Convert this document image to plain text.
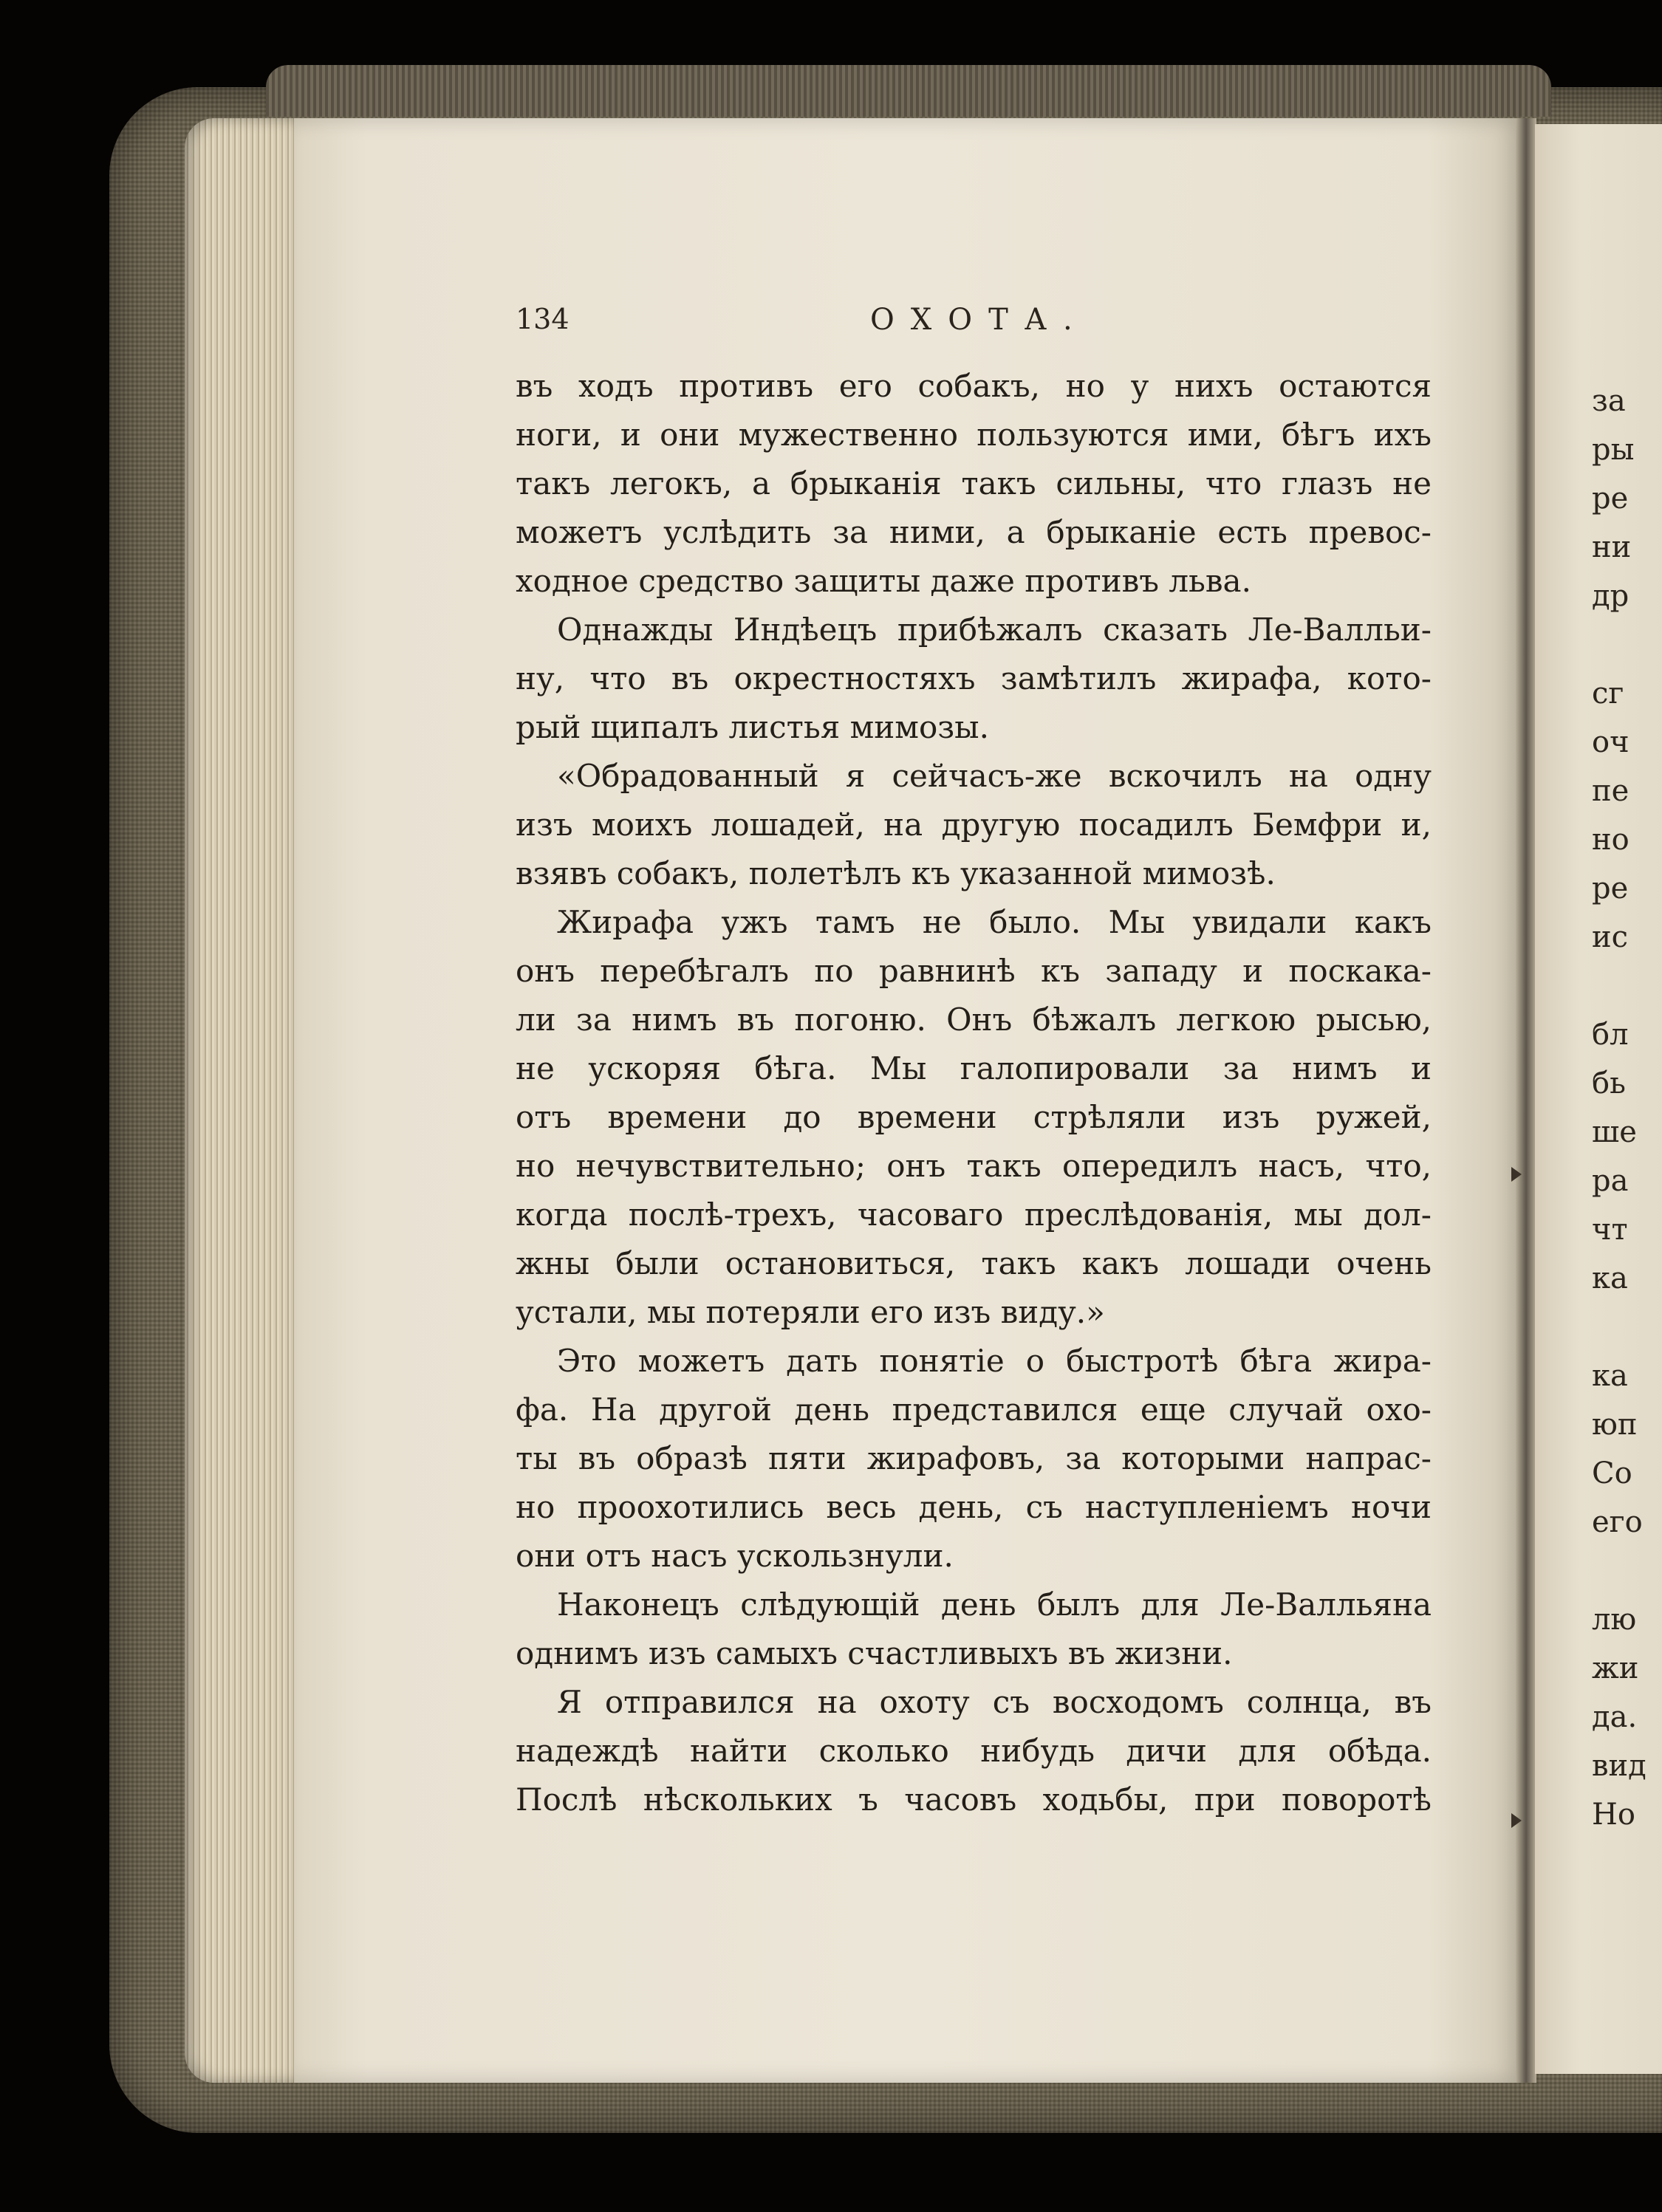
134	ОХОТА.
въ ходъ противъ его собакъ, но у нихъ остаются
ноги, и они мужественно пользуются ими, бѣгъ ихъ
такъ легокъ, а брыканія такъ сильны, что глазъ не
можетъ услѣдить за ними, а брыканіе есть превос-
ходное средство защиты даже противъ льва.
Однажды Индѣецъ прибѣжалъ сказать Ле-Валльи-
ну, что въ окрестностяхъ замѣтилъ жирафа, кото-
рый щипалъ листья мимозы.
«Обрадованный я сейчасъ-же вскочилъ на одну
изъ моихъ лошадей, на другую посадилъ Бемфри и,
взявъ собакъ, полетѣлъ къ указанной мимозѣ.
Жирафа ужъ тамъ не было. Мы увидали какъ
онъ перебѣгалъ по равнинѣ къ западу и поскака-
ли за нимъ въ погоню. Онъ бѣжалъ легкою рысью,
не ускоряя бѣга. Мы галопировали за нимъ и
отъ времени до времени стрѣляли изъ ружей,
но нечувствительно; онъ такъ опередилъ насъ, что,
когда послѣ-трехъ, часоваго преслѣдованія, мы дол-
жны были остановиться, такъ какъ лошади очень
устали, мы потеряли его изъ виду.»
Это можетъ дать понятіе о быстротѣ бѣга жира-
фа. На другой день представился еще случай охо-
ты въ образѣ пяти жирафовъ, за которыми напрас-
но проохотились весь день, съ наступленіемъ ночи
они отъ насъ ускользнули.
Наконецъ слѣдующій день былъ для Ле-Валльяна
однимъ изъ самыхъ счастливыхъ въ жизни.
Я отправился на охоту съ восходомъ солнца, въ
надеждѣ найти сколько нибудь дичи для обѣда.
Послѣ нѣскольких ъ часовъ ходьбы, при поворотѣ
за
ры
ре
ни
др
сг
оч
пе
но
ре
ис
бл
бь
ше
ра
чт
ка
ка
юп
Со
его
лю
жи
да.
вид
Но
